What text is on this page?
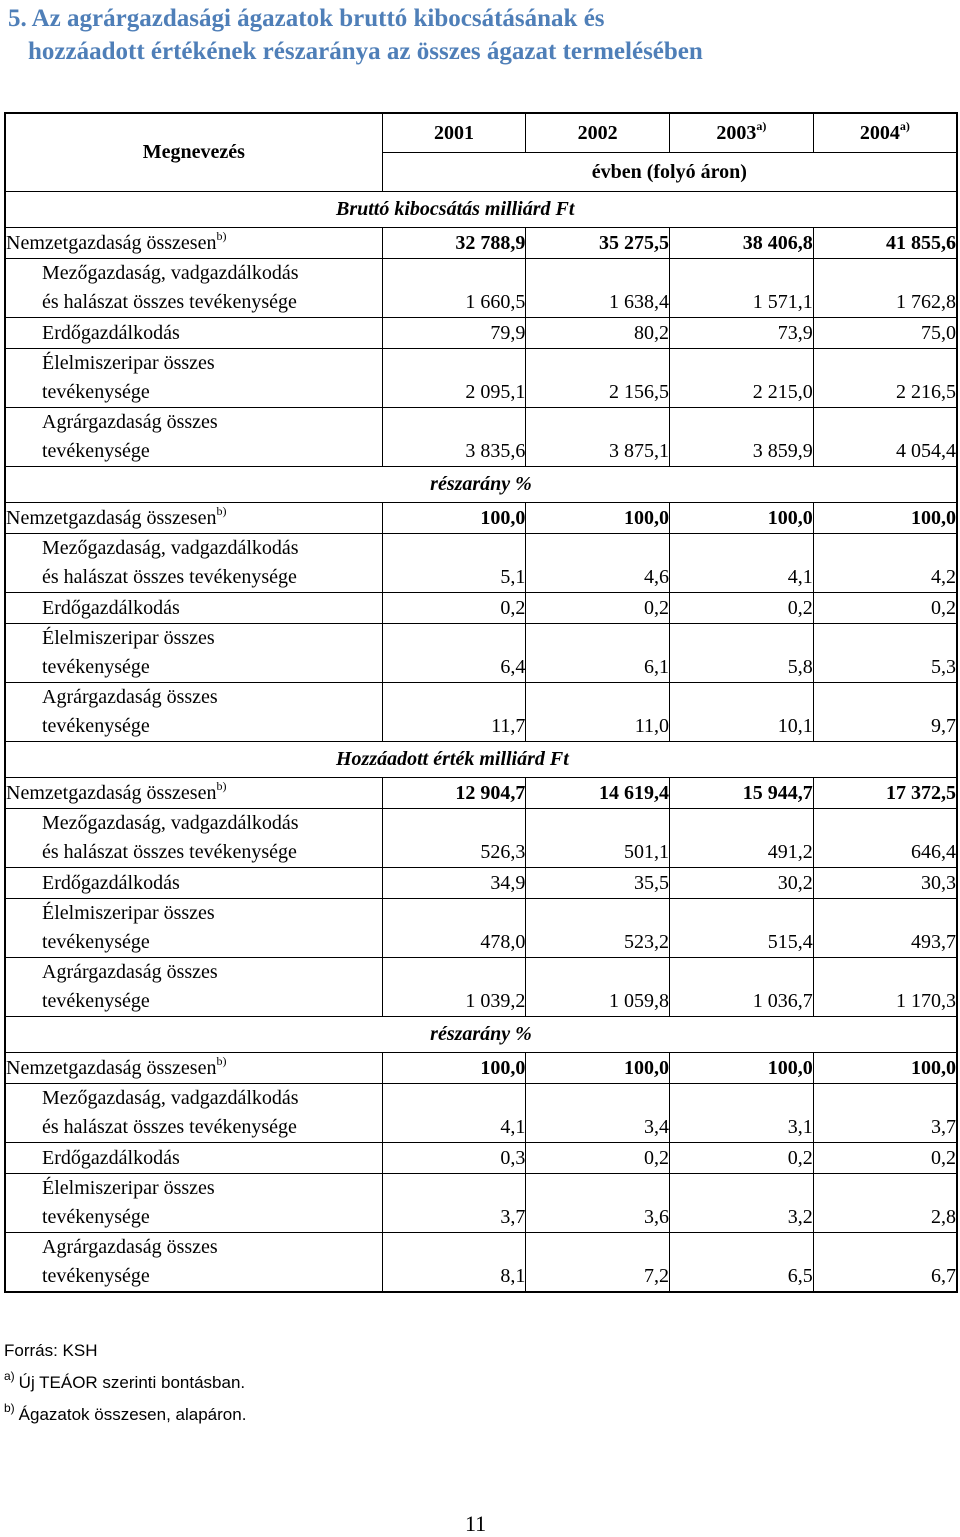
5. Az agrárgazdasági ágazatok bruttó kibocsátásának és
hozzáadott értékének részaránya az összes ágazat termelésében
Megnevezés	2001	2002	2003$^{a)}$	2004$^{a)}$
	évben (folyó áron)			
Bruttó kibocsátás milliárd Ft				
Nemzetgazdaság összesen$^{b)}$	32 788,9	35 275,5	38 406,8	41 855,6

Mezőgazdaság, vadgazdálkodás
és halászat összes tevékenysége	1 660,5	1 638,4	1 571,1	1 762,8

Erdőgazdálkodás	79,9	80,2	73,9	75,0

Élelmiszeripar összes
tevékenysége	2 095,1	2 156,5	2 215,0	2 216,5

Agrárgazdaság összes
tevékenysége	3 835,6	3 875,1	3 859,9	4 054,4
részarány %				
Nemzetgazdaság összesen$^{b)}$	100,0	100,0	100,0	100,0

Mezőgazdaság, vadgazdálkodás
és halászat összes tevékenysége	5,1	4,6	4,1	4,2

Erdőgazdálkodás	0,2	0,2	0,2	0,2

Élelmiszeripar összes
tevékenysége	6,4	6,1	5,8	5,3

Agrárgazdaság összes
tevékenysége	11,7	11,0	10,1	9,7
Hozzáadott érték milliárd Ft				
Nemzetgazdaság összesen$^{b)}$	12 904,7	14 619,4	15 944,7	17 372,5

Mezőgazdaság, vadgazdálkodás
és halászat összes tevékenysége	526,3	501,1	491,2	646,4

Erdőgazdálkodás	34,9	35,5	30,2	30,3

Élelmiszeripar összes
tevékenysége	478,0	523,2	515,4	493,7

Agrárgazdaság összes
tevékenysége	1 039,2	1 059,8	1 036,7	1 170,3
részarány %				
Nemzetgazdaság összesen$^{b)}$	100,0	100,0	100,0	100,0

Mezőgazdaság, vadgazdálkodás
és halászat összes tevékenysége	4,1	3,4	3,1	3,7

Erdőgazdálkodás	0,3	0,2	0,2	0,2

Élelmiszeripar összes
tevékenysége	3,7	3,6	3,2	2,8

Agrárgazdaság összes
tevékenysége	8,1	7,2	6,5	6,7
Forrás: KSH
$^{a)}$ Új TEÁOR szerinti bontásban.
$^{b)}$ Ágazatok összesen, alapáron.
11
